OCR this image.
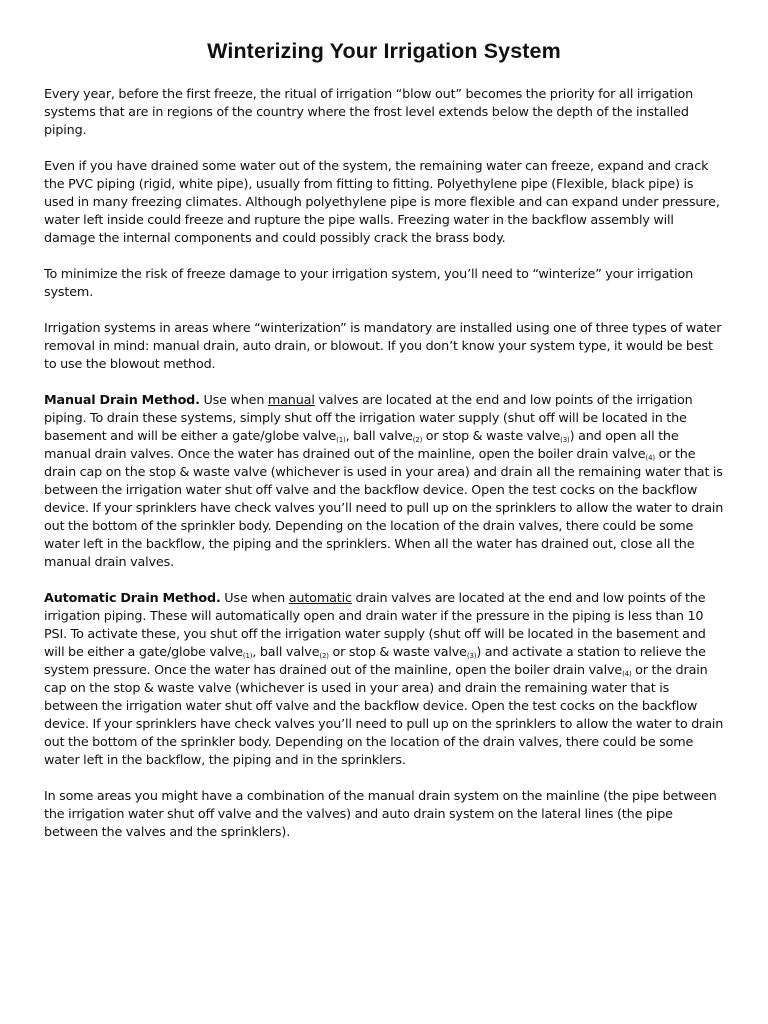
Winterizing Your Irrigation System

Every year, before the first freeze, the ritual of irrigation “blow out” becomes the priority for all irrigation systems that are in regions of the country where the frost level extends below the depth of the installed piping.

Even if you have drained some water out of the system, the remaining water can freeze, expand and crack the PVC piping (rigid, white pipe), usually from fitting to fitting. Polyethylene pipe (Flexible, black pipe) is used in many freezing climates. Although polyethylene pipe is more flexible and can expand under pressure, water left inside could freeze and rupture the pipe walls. Freezing water in the backflow assembly will damage the internal components and could possibly crack the brass body.

To minimize the risk of freeze damage to your irrigation system, you’ll need to “winterize” your irrigation system.

Irrigation systems in areas where “winterization” is mandatory are installed using one of three types of water removal in mind: manual drain, auto drain, or blowout. If you don’t know your system type, it would be best to use the blowout method.

Manual Drain Method. Use when manual valves are located at the end and low points of the irrigation piping. To drain these systems, simply shut off the irrigation water supply (shut off will be located in the basement and will be either a gate/globe valve$_{(1)}$, ball valve$_{(2)}$ or stop & waste valve$_{(3)}$) and open all the manual drain valves. Once the water has drained out of the mainline, open the boiler drain valve$_{(4)}$ or the drain cap on the stop & waste valve (whichever is used in your area) and drain all the remaining water that is between the irrigation water shut off valve and the backflow device. Open the test cocks on the backflow device. If your sprinklers have check valves you’ll need to pull up on the sprinklers to allow the water to drain out the bottom of the sprinkler body. Depending on the location of the drain valves, there could be some water left in the backflow, the piping and the sprinklers. When all the water has drained out, close all the manual drain valves.

Automatic Drain Method. Use when automatic drain valves are located at the end and low points of the irrigation piping. These will automatically open and drain water if the pressure in the piping is less than 10 PSI. To activate these, you shut off the irrigation water supply (shut off will be located in the basement and will be either a gate/globe valve$_{(1)}$, ball valve$_{(2)}$ or stop & waste valve$_{(3)}$) and activate a station to relieve the system pressure. Once the water has drained out of the mainline, open the boiler drain valve$_{(4)}$ or the drain cap on the stop & waste valve (whichever is used in your area) and drain the remaining water that is between the irrigation water shut off valve and the backflow device. Open the test cocks on the backflow device. If your sprinklers have check valves you’ll need to pull up on the sprinklers to allow the water to drain out the bottom of the sprinkler body. Depending on the location of the drain valves, there could be some water left in the backflow, the piping and in the sprinklers.

In some areas you might have a combination of the manual drain system on the mainline (the pipe between the irrigation water shut off valve and the valves) and auto drain system on the lateral lines (the pipe between the valves and the sprinklers).
